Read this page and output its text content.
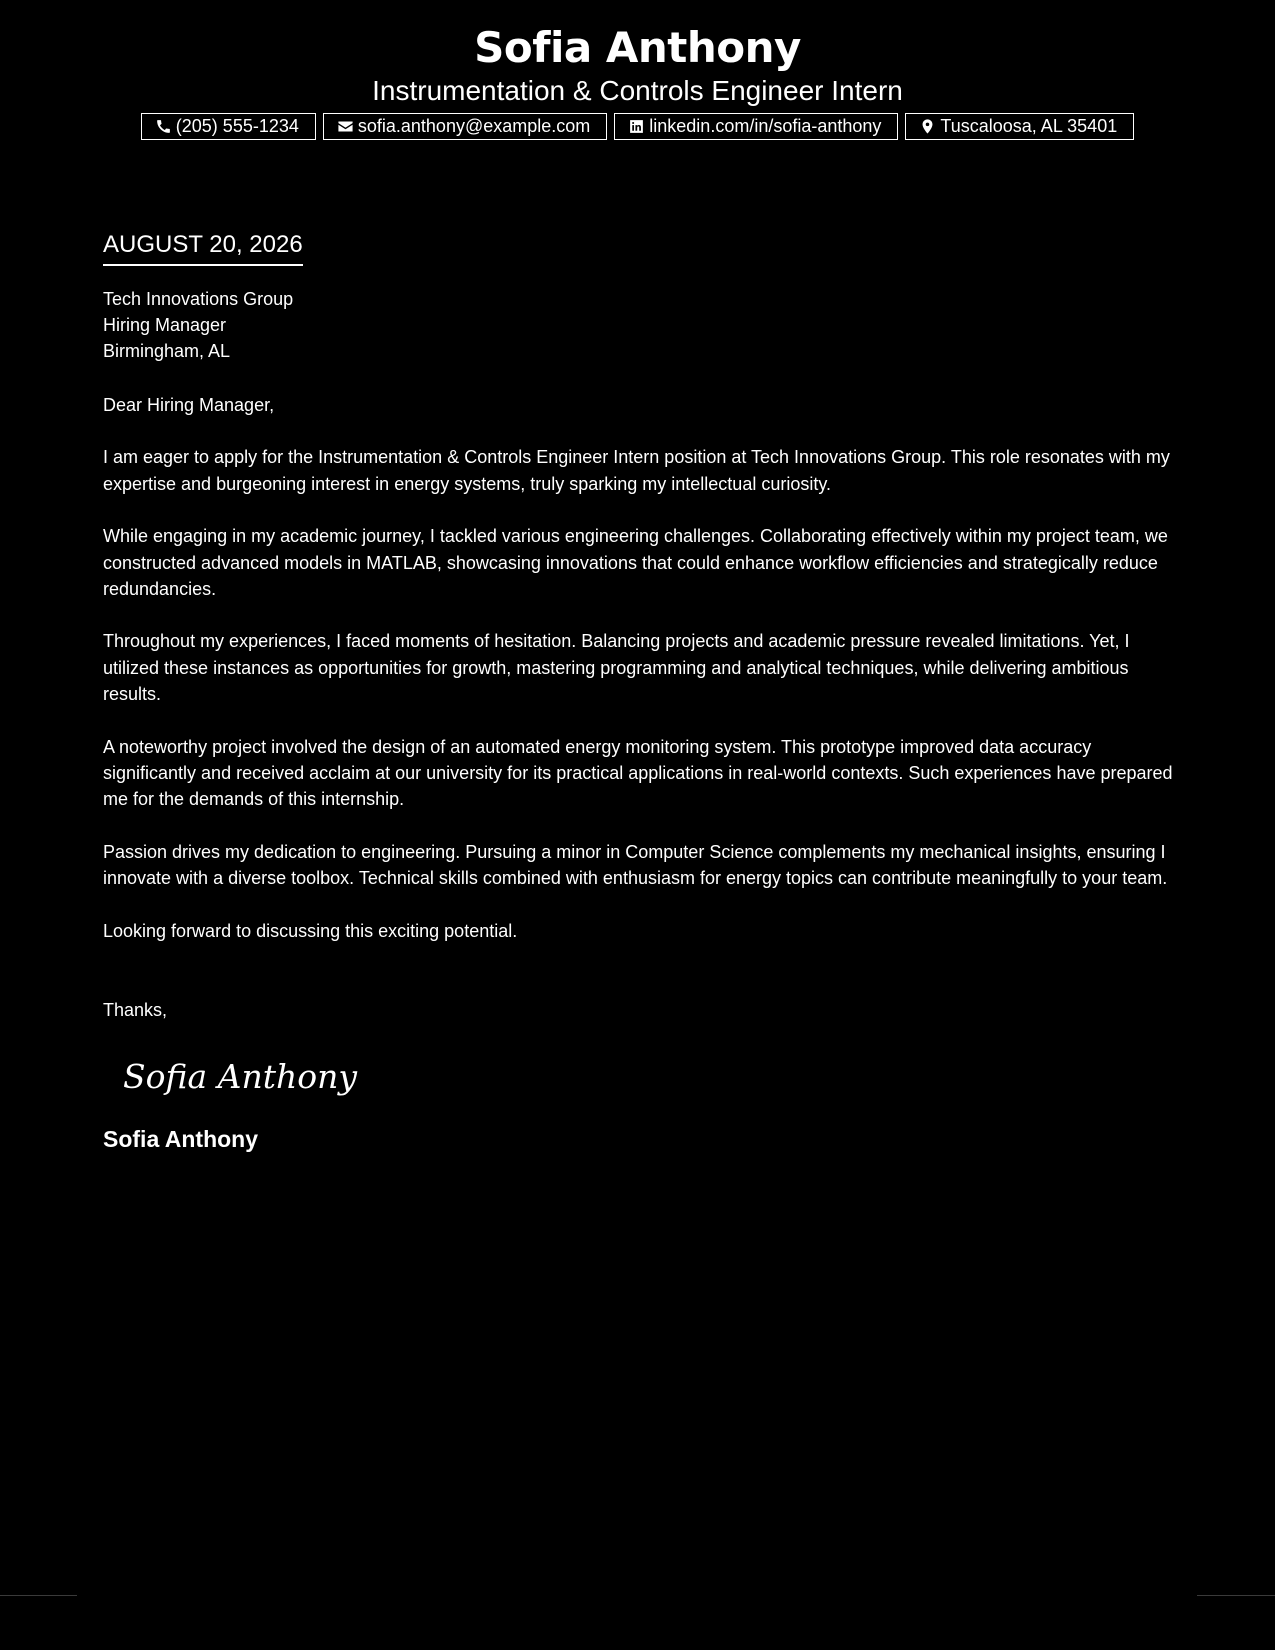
Sofia Anthony
Instrumentation & Controls Engineer Intern
(205) 555-1234	sofia.anthony@example.com	linkedin.com/in/sofia-anthony	Tuscaloosa, AL 35401
AUGUST 20, 2026
Tech Innovations Group
Hiring Manager
Birmingham, AL
Dear Hiring Manager,
I am eager to apply for the Instrumentation & Controls Engineer Intern position at Tech Innovations Group. This role resonates with my expertise and burgeoning interest in energy systems, truly sparking my intellectual curiosity.
While engaging in my academic journey, I tackled various engineering challenges. Collaborating effectively within my project team, we constructed advanced models in MATLAB, showcasing innovations that could enhance workflow efficiencies and strategically reduce redundancies.
Throughout my experiences, I faced moments of hesitation. Balancing projects and academic pressure revealed limitations. Yet, I utilized these instances as opportunities for growth, mastering programming and analytical techniques, while delivering ambitious results.
A noteworthy project involved the design of an automated energy monitoring system. This prototype improved data accuracy significantly and received acclaim at our university for its practical applications in real-world contexts. Such experiences have prepared me for the demands of this internship.
Passion drives my dedication to engineering. Pursuing a minor in Computer Science complements my mechanical insights, ensuring I innovate with a diverse toolbox. Technical skills combined with enthusiasm for energy topics can contribute meaningfully to your team.
Looking forward to discussing this exciting potential.
Thanks,
Sofia Anthony
Sofia Anthony
